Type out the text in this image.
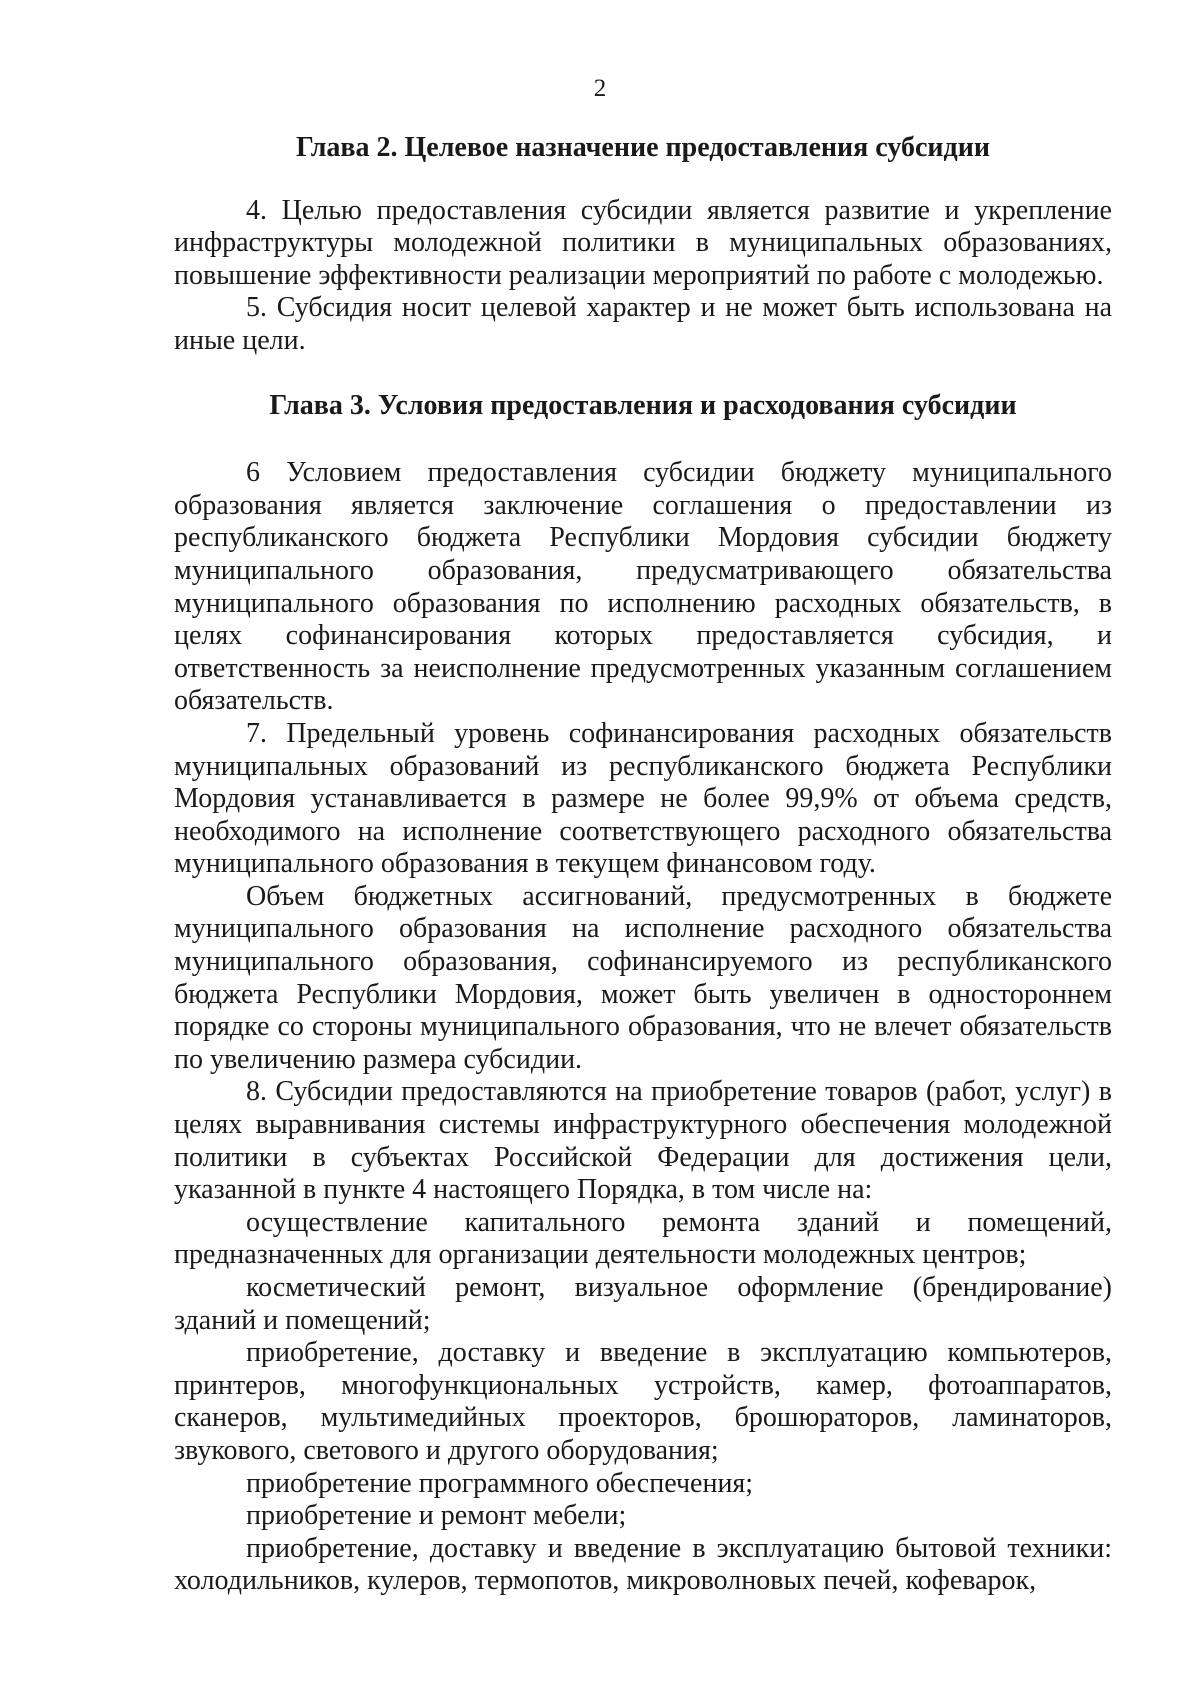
2
Глава 2. Целевое назначение предоставления субсидии

4. Целью предоставления субсидии является развитие и укрепление инфраструктуры молодежной политики в муниципальных образованиях, повышение эффективности реализации мероприятий по работе с молодежью.

5. Субсидия носит целевой характер и не может быть использована на иные цели.

Глава 3. Условия предоставления и расходования субсидии

6 Условием предоставления субсидии бюджету муниципального образования является заключение соглашения о предоставлении из республиканского бюджета Республики Мордовия субсидии бюджету муниципального образования, предусматривающего обязательства муниципального образования по исполнению расходных обязательств, в целях софинансирования которых предоставляется субсидия, и ответственность за неисполнение предусмотренных указанным соглашением обязательств.

7. Предельный уровень софинансирования расходных обязательств муниципальных образований из республиканского бюджета Республики Мордовия устанавливается в размере не более 99,9% от объема средств, необходимого на исполнение соответствующего расходного обязательства муниципального образования в текущем финансовом году.

Объем бюджетных ассигнований, предусмотренных в бюджете муниципального образования на исполнение расходного обязательства муниципального образования, софинансируемого из республиканского бюджета Республики Мордовия, может быть увеличен в одностороннем порядке со стороны муниципального образования, что не влечет обязательств по увеличению размера субсидии.

8. Субсидии предоставляются на приобретение товаров (работ, услуг) в целях выравнивания системы инфраструктурного обеспечения молодежной политики в субъектах Российской Федерации для достижения цели, указанной в пункте 4 настоящего Порядка, в том числе на:

осуществление капитального ремонта зданий и помещений, предназначенных для организации деятельности молодежных центров;

косметический ремонт, визуальное оформление (брендирование) зданий и помещений;

приобретение, доставку и введение в эксплуатацию компьютеров, принтеров, многофункциональных устройств, камер, фотоаппаратов, сканеров, мультимедийных проекторов, брошюраторов, ламинаторов, звукового, светового и другого оборудования;

приобретение программного обеспечения;

приобретение и ремонт мебели;

приобретение, доставку и введение в эксплуатацию бытовой техники: холодильников, кулеров, термопотов, микроволновых печей, кофеварок,
